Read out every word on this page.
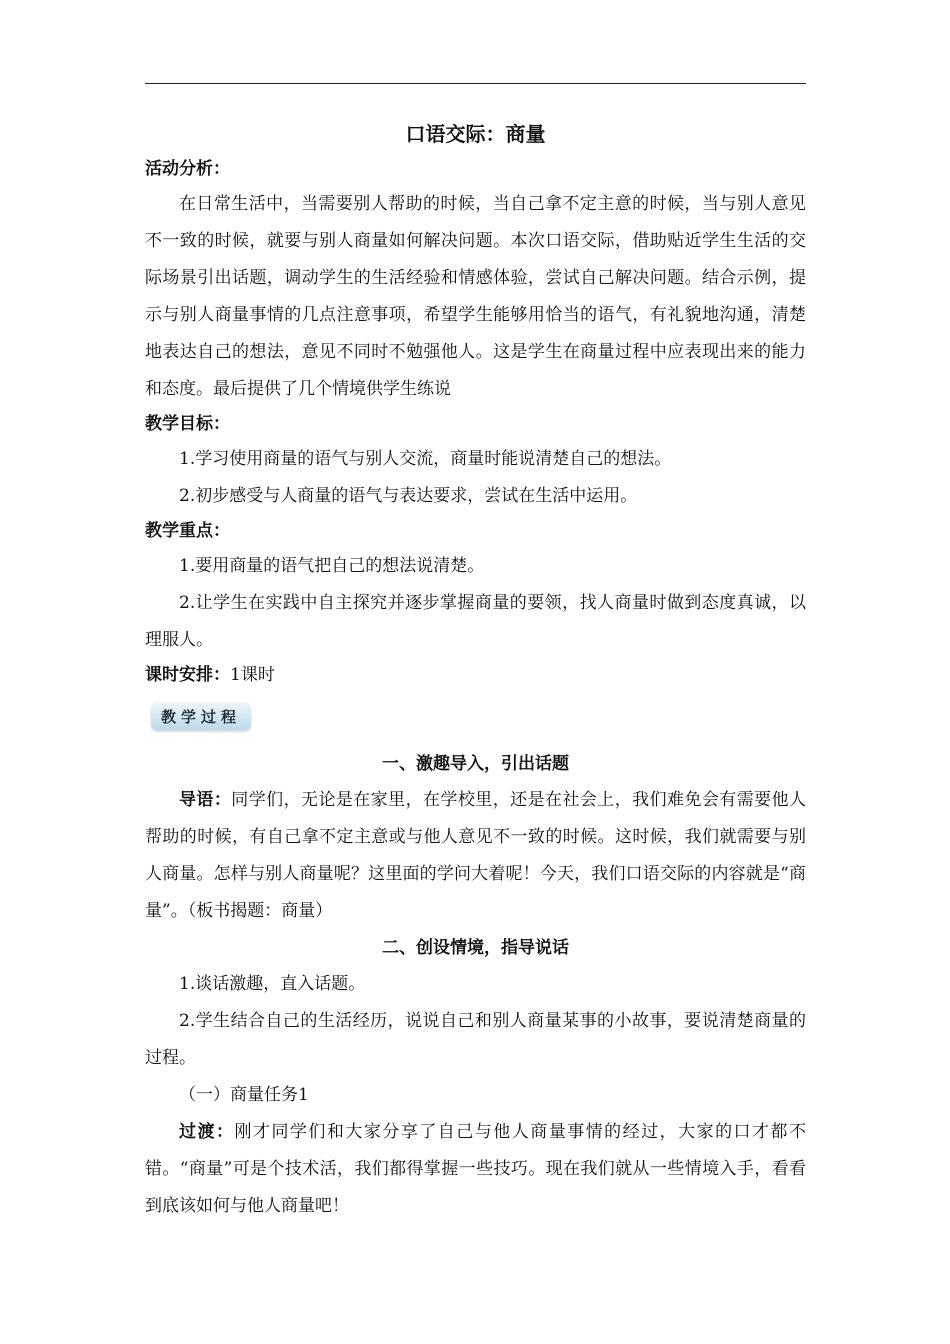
口语交际：商量

活动分析：

在日常生活中，当需要别人帮助的时候，当自己拿不定主意的时候，当与别人意见不一致的时候，就要与别人商量如何解决问题。本次口语交际，借助贴近学生生活的交际场景引出话题，调动学生的生活经验和情感体验，尝试自己解决问题。结合示例，提示与别人商量事情的几点注意事项，希望学生能够用恰当的语气，有礼貌地沟通，清楚地表达自己的想法，意见不同时不勉强他人。这是学生在商量过程中应表现出来的能力和态度。最后提供了几个情境供学生练说

教学目标：

1.学习使用商量的语气与别人交流，商量时能说清楚自己的想法。

2.初步感受与人商量的语气与表达要求，尝试在生活中运用。

教学重点：

1.要用商量的语气把自己的想法说清楚。

2.让学生在实践中自主探究并逐步掌握商量的要领，找人商量时做到态度真诚，以理服人。

课时安排：1课时

教学过程

一、激趣导入，引出话题

导语：同学们，无论是在家里，在学校里，还是在社会上，我们难免会有需要他人帮助的时候，有自己拿不定主意或与他人意见不一致的时候。这时候，我们就需要与别人商量。怎样与别人商量呢？这里面的学问大着呢！今天，我们口语交际的内容就是“商量”。（板书揭题：商量）

二、创设情境，指导说话

1.谈话激趣，直入话题。

2.学生结合自己的生活经历，说说自己和别人商量某事的小故事，要说清楚商量的过程。

（一）商量任务1

过渡：刚才同学们和大家分享了自己与他人商量事情的经过，大家的口才都不错。“商量”可是个技术活，我们都得掌握一些技巧。现在我们就从一些情境入手，看看到底该如何与他人商量吧！
